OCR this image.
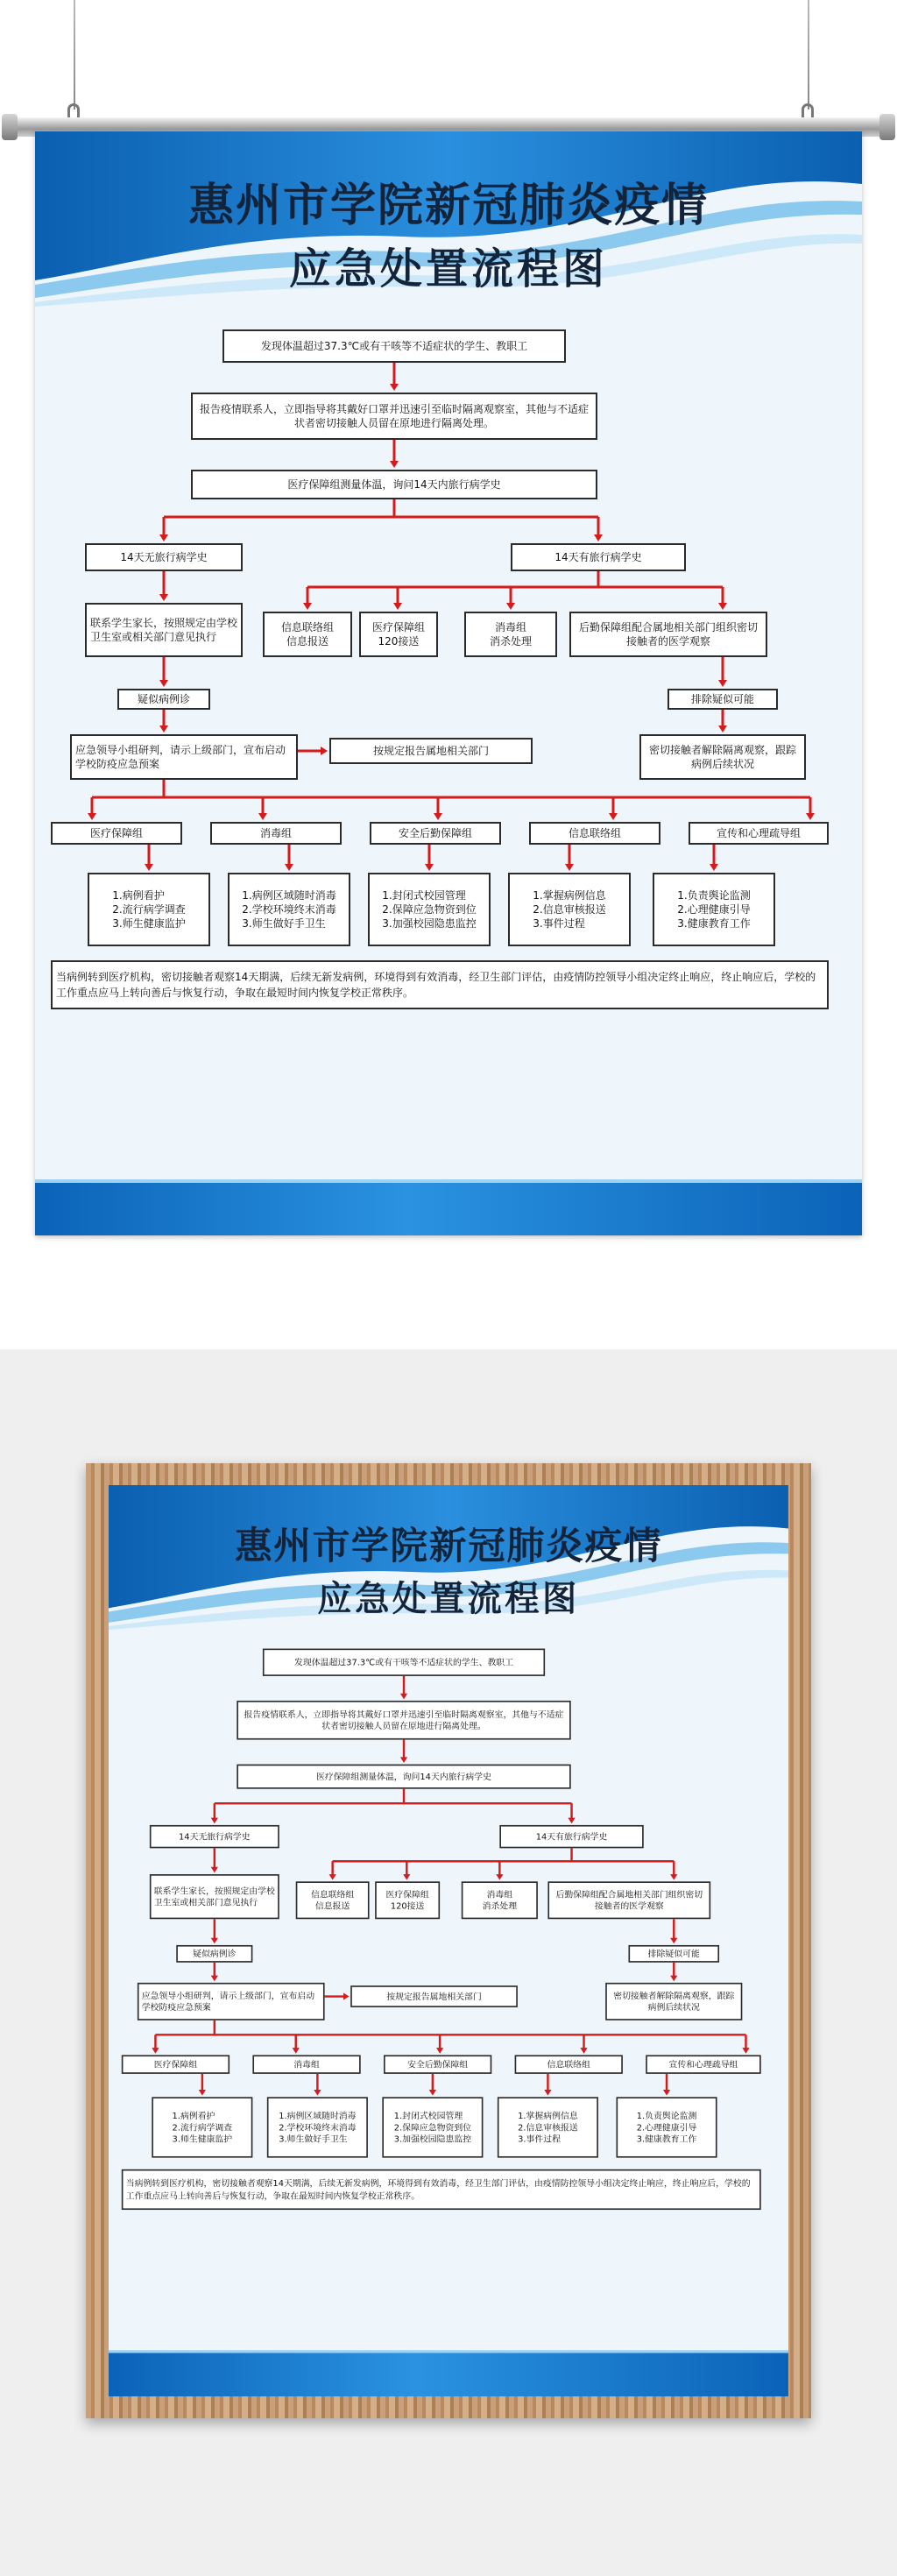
惠州市学院新冠肺炎疫情
应急处置流程图
发现体温超过37.3℃或有干咳等不适症状的学生、教职工
报告疫情联系人，立即指导将其戴好口罩并迅速引至临时隔离观察室，其他与不适症状者密切接触人员留在原地进行隔离处理。
医疗保障组测量体温，询问14天内旅行病学史
14天无旅行病学史	14天有旅行病学史
联系学生家长，按照规定由学校卫生室或相关部门意见执行
信息联络组
信息报送
医疗保障组
120接送
消毒组
消杀处理
后勤保障组配合属地相关部门组织密切接触者的医学观察
疑似病例诊	排除疑似可能
应急领导小组研判，请示上级部门，宣布启动学校防疫应急预案
按规定报告属地相关部门	密切接触者解除隔离观察，跟踪病例后续状况
医疗保障组	消毒组	安全后勤保障组	信息联络组	宣传和心理疏导组
1.病例看护
2.流行病学调查
3.师生健康监护
1.病例区域随时消毒
2.学校环境终末消毒
3.师生做好手卫生
1.封闭式校园管理
2.保障应急物资到位
3.加强校园隐患监控
1.掌握病例信息
2.信息审核报送
3.事件过程
1.负责舆论监测
2.心理健康引导
3.健康教育工作
当病例转到医疗机构，密切接触者观察14天期满，后续无新发病例，环境得到有效消毒，经卫生部门评估，由疫情防控领导小组决定终止响应，终止响应后，学校的工作重点应马上转向善后与恢复行动，争取在最短时间内恢复学校正常秩序。
惠州市学院新冠肺炎疫情
应急处置流程图
发现体温超过37.3℃或有干咳等不适症状的学生、教职工
报告疫情联系人，立即指导将其戴好口罩并迅速引至临时隔离观察室，其他与不适症状者密切接触人员留在原地进行隔离处理。
医疗保障组测量体温，询问14天内旅行病学史
14天无旅行病学史	14天有旅行病学史
联系学生家长，按照规定由学校卫生室或相关部门意见执行
信息联络组
信息报送
医疗保障组
120接送
消毒组
消杀处理
后勤保障组配合属地相关部门组织密切接触者的医学观察
疑似病例诊	排除疑似可能
应急领导小组研判，请示上级部门，宣布启动学校防疫应急预案
按规定报告属地相关部门	密切接触者解除隔离观察，跟踪病例后续状况
医疗保障组	消毒组	安全后勤保障组	信息联络组	宣传和心理疏导组
1.病例看护
2.流行病学调查
3.师生健康监护
1.病例区域随时消毒
2.学校环境终末消毒
3.师生做好手卫生
1.封闭式校园管理
2.保障应急物资到位
3.加强校园隐患监控
1.掌握病例信息
2.信息审核报送
3.事件过程
1.负责舆论监测
2.心理健康引导
3.健康教育工作
当病例转到医疗机构，密切接触者观察14天期满，后续无新发病例，环境得到有效消毒，经卫生部门评估，由疫情防控领导小组决定终止响应，终止响应后，学校的工作重点应马上转向善后与恢复行动，争取在最短时间内恢复学校正常秩序。
